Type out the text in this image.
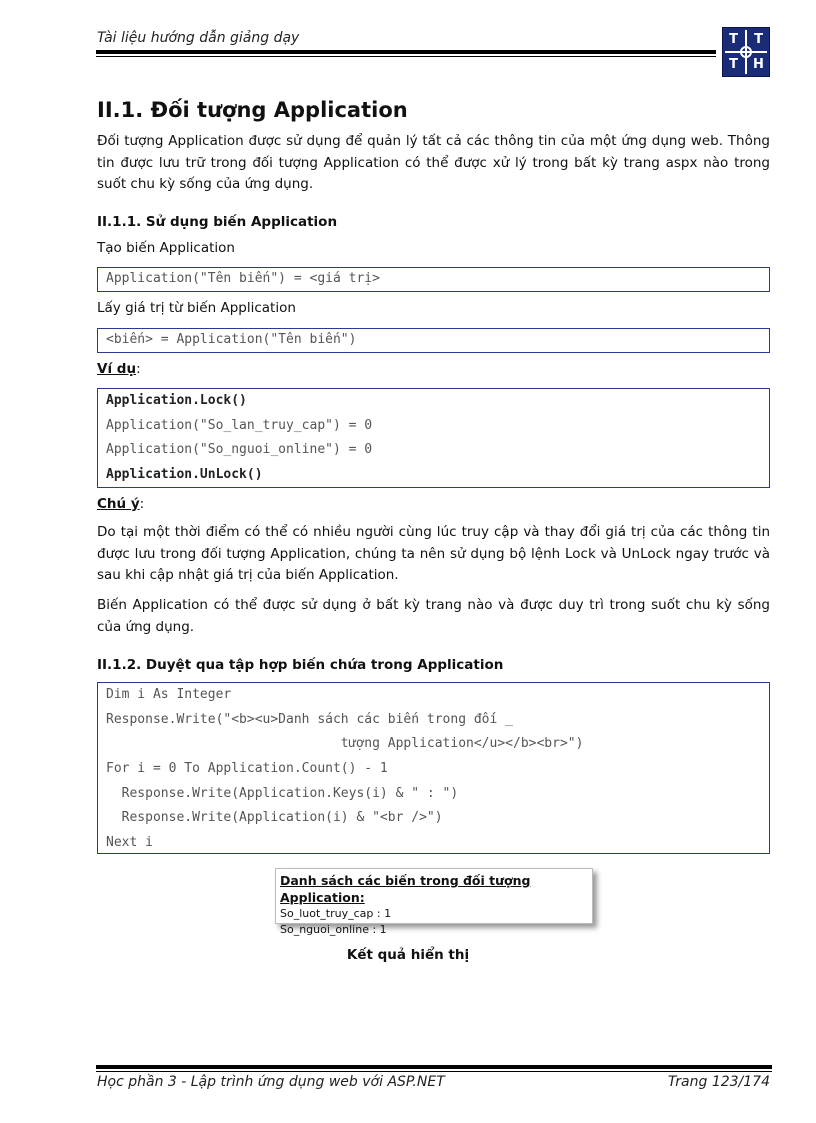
Tài liệu hướng dẫn giảng dạy	T T
T H
II.1. Đối tượng Application
Đối tượng Application được sử dụng để quản lý tất cả các thông tin của một ứng dụng web. Thông tin được lưu trữ trong đối tượng Application có thể được xử lý trong bất kỳ trang aspx nào trong suốt chu kỳ sống của ứng dụng.
II.1.1. Sử dụng biến Application
Tạo biến Application
Application("Tên biến") = <giá trị>
Lấy giá trị từ biến Application
<biến> = Application("Tên biến")
Ví dụ:
Application.Lock()
Application("So_lan_truy_cap") = 0
Application("So_nguoi_online") = 0
Application.UnLock()
Chú ý:
Do tại một thời điểm có thể có nhiều người cùng lúc truy cập và thay đổi giá trị của các thông tin được lưu trong đối tượng Application, chúng ta nên sử dụng bộ lệnh Lock và UnLock ngay trước và sau khi cập nhật giá trị của biến Application.
Biến Application có thể được sử dụng ở bất kỳ trang nào và được duy trì trong suốt chu kỳ sống của ứng dụng.
II.1.2. Duyệt qua tập hợp biến chứa trong Application
Dim i As Integer
Response.Write("<b><u>Danh sách các biến trong đối _
tượng Application</u></b><br>")
For i = 0 To Application.Count() - 1
Response.Write(Application.Keys(i) & " : ")
Response.Write(Application(i) & "<br />")
Next i
Danh sách các biến trong đối tượng Application:
So_luot_truy_cap : 1
So_nguoi_online : 1
Kết quả hiển thị
Học phần 3 - Lập trình ứng dụng web với ASP.NET	Trang 123/174
